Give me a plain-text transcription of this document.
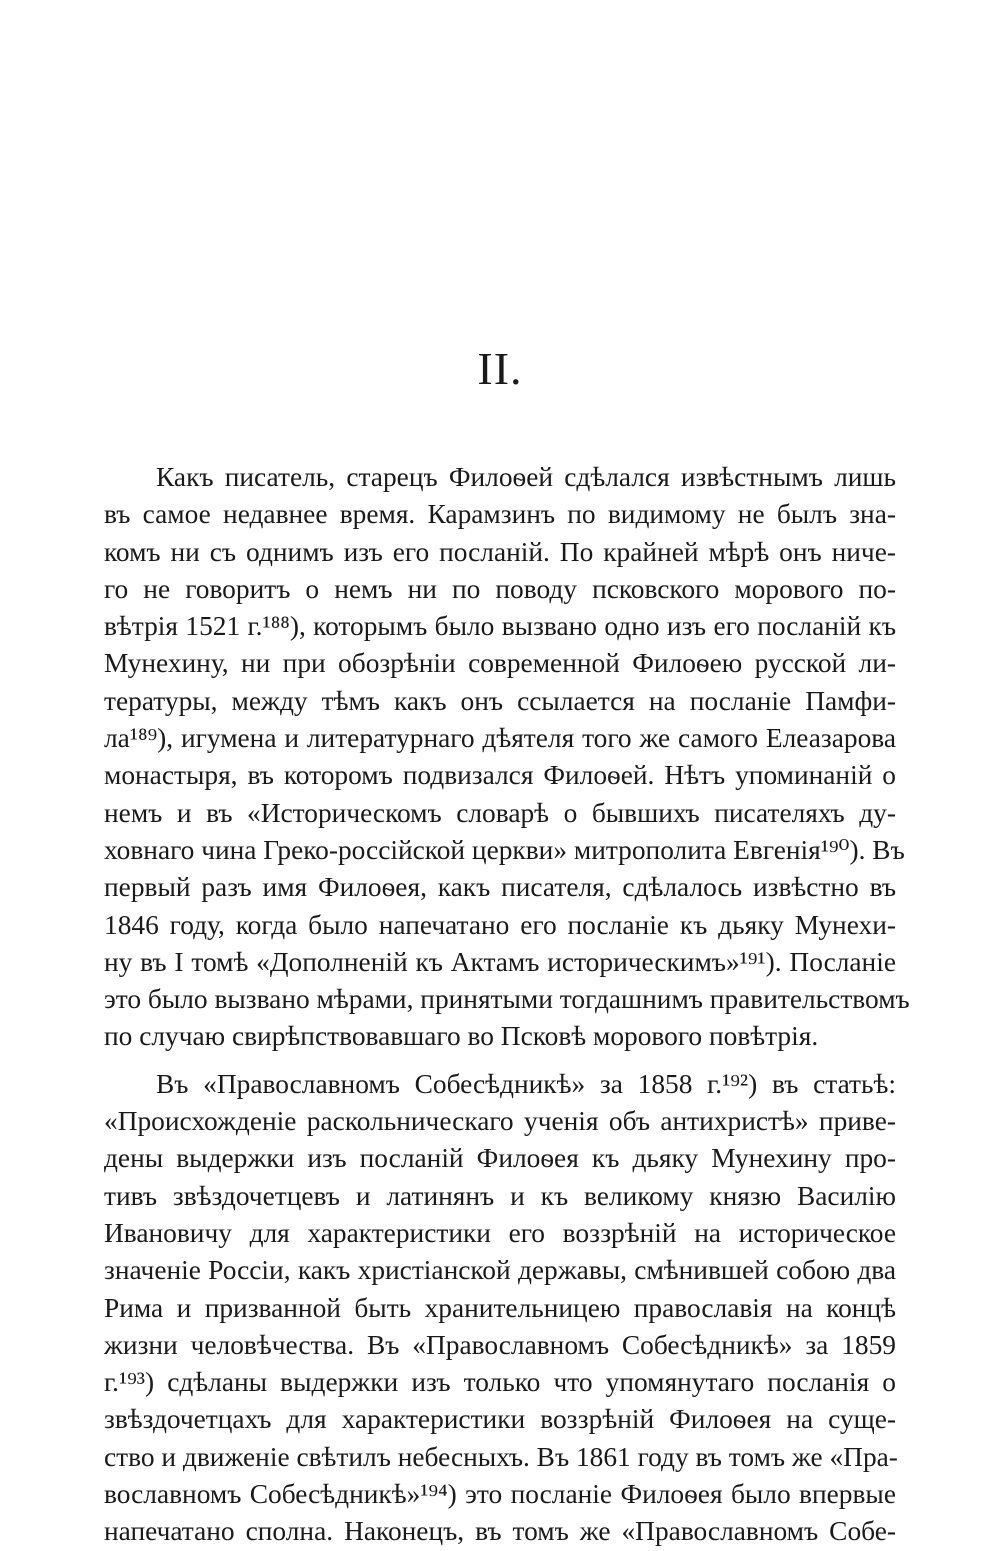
II.
Какъ писатель, старецъ Филоѳей сдѣлался извѣстнымъ лишь
въ самое недавнее время. Карамзинъ по видимому не былъ зна-
комъ ни съ однимъ изъ его посланій. По крайней мѣрѣ онъ ниче-
го не говоритъ о немъ ни по поводу псковского морового по-
вѣтрія 1521 г.¹⁸⁸), которымъ было вызвано одно изъ его посланій къ
Мунехину, ни при обозрѣніи современной Филоѳею русской ли-
тературы, между тѣмъ какъ онъ ссылается на посланіе Памфи-
ла¹⁸⁹), игумена и литературнаго дѣятеля того же самого Елеазарова
монастыря, въ которомъ подвизался Филоѳей. Нѣтъ упоминаній о
немъ и въ «Историческомъ словарѣ о бывшихъ писателяхъ ду-
ховнаго чина Греко-россійской церкви» митрополита Евгенія¹⁹⁰). Въ
первый разъ имя Филоѳея, какъ писателя, сдѣлалось извѣстно въ
1846 году, когда было напечатано его посланіе къ дьяку Мунехи-
ну въ I томѣ «Дополненій къ Актамъ историческимъ»¹⁹¹). Посланіе
это было вызвано мѣрами, принятыми тогдашнимъ правительствомъ
по случаю свирѣпствовавшаго во Псковѣ морового повѣтрія.
Въ «Православномъ Собесѣдникѣ» за 1858 г.¹⁹²) въ статьѣ:
«Происхожденіе раскольническаго ученія объ антихристѣ» приве-
дены выдержки изъ посланій Филоѳея къ дьяку Мунехину про-
тивъ звѣздочетцевъ и латинянъ и къ великому князю Василію
Ивановичу для характеристики его воззрѣній на историческое
значеніе Россіи, какъ христіанской державы, смѣнившей собою два
Рима и призванной быть хранительницею православія на концѣ
жизни человѣчества. Въ «Православномъ Собесѣдникѣ» за 1859
г.¹⁹³) сдѣланы выдержки изъ только что упомянутаго посланія о
звѣздочетцахъ для характеристики воззрѣній Филоѳея на суще-
ство и движеніе свѣтилъ небесныхъ. Въ 1861 году въ томъ же «Пра-
вославномъ Собесѣдникѣ»¹⁹⁴) это посланіе Филоѳея было впервые
напечатано сполна. Наконецъ, въ томъ же «Православномъ Собе-
